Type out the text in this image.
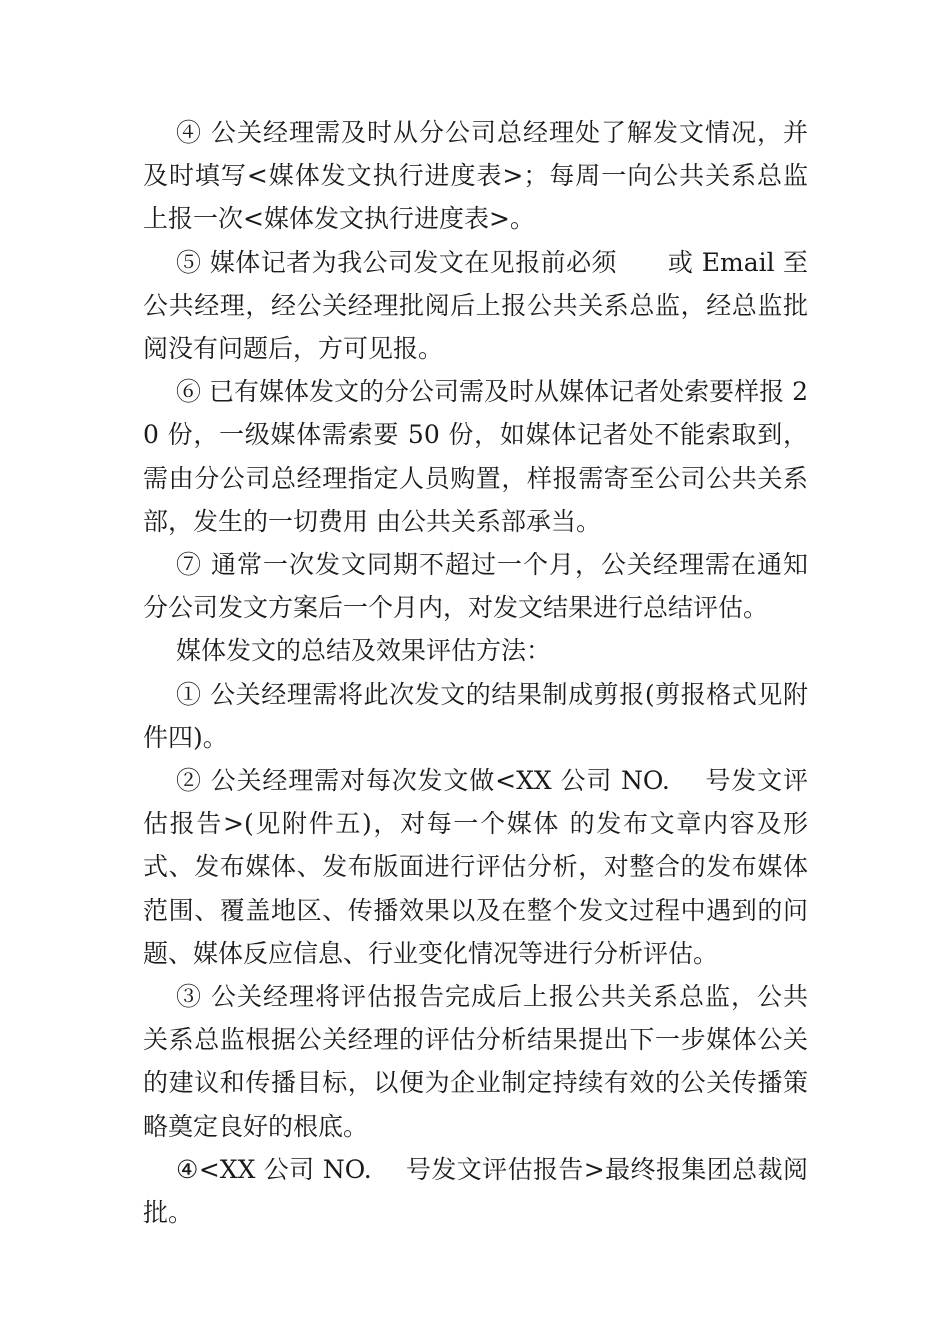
④ 公关经理需及时从分公司总经理处了解发文情况，并及时填写<媒体发文执行进度表>；每周一向公共关系总监上报一次<媒体发文执行进度表>。

⑤ 媒体记者为我公司发文在见报前必须　　或 Email 至公共经理，经公关经理批阅后上报公共关系总监，经总监批阅没有问题后，方可见报。

⑥ 已有媒体发文的分公司需及时从媒体记者处索要样报 20 份，一级媒体需索要 50 份，如媒体记者处不能索取到，需由分公司总经理指定人员购置，样报需寄至公司公共关系部，发生的一切费用 由公共关系部承当。

⑦ 通常一次发文同期不超过一个月，公关经理需在通知分公司发文方案后一个月内，对发文结果进行总结评估。

媒体发文的总结及效果评估方法：

① 公关经理需将此次发文的结果制成剪报(剪报格式见附件四)。

② 公关经理需对每次发文做<XX 公司 NO.　 号发文评估报告>(见附件五)，对每一个媒体 的发布文章内容及形式、发布媒体、发布版面进行评估分析，对整合的发布媒体范围、覆盖地区、传播效果以及在整个发文过程中遇到的问题、媒体反应信息、行业变化情况等进行分析评估。

③ 公关经理将评估报告完成后上报公共关系总监，公共关系总监根据公关经理的评估分析结果提出下一步媒体公关的建议和传播目标，以便为企业制定持续有效的公关传播策略奠定良好的根底。

④<XX 公司 NO.　 号发文评估报告>最终报集团总裁阅批。
